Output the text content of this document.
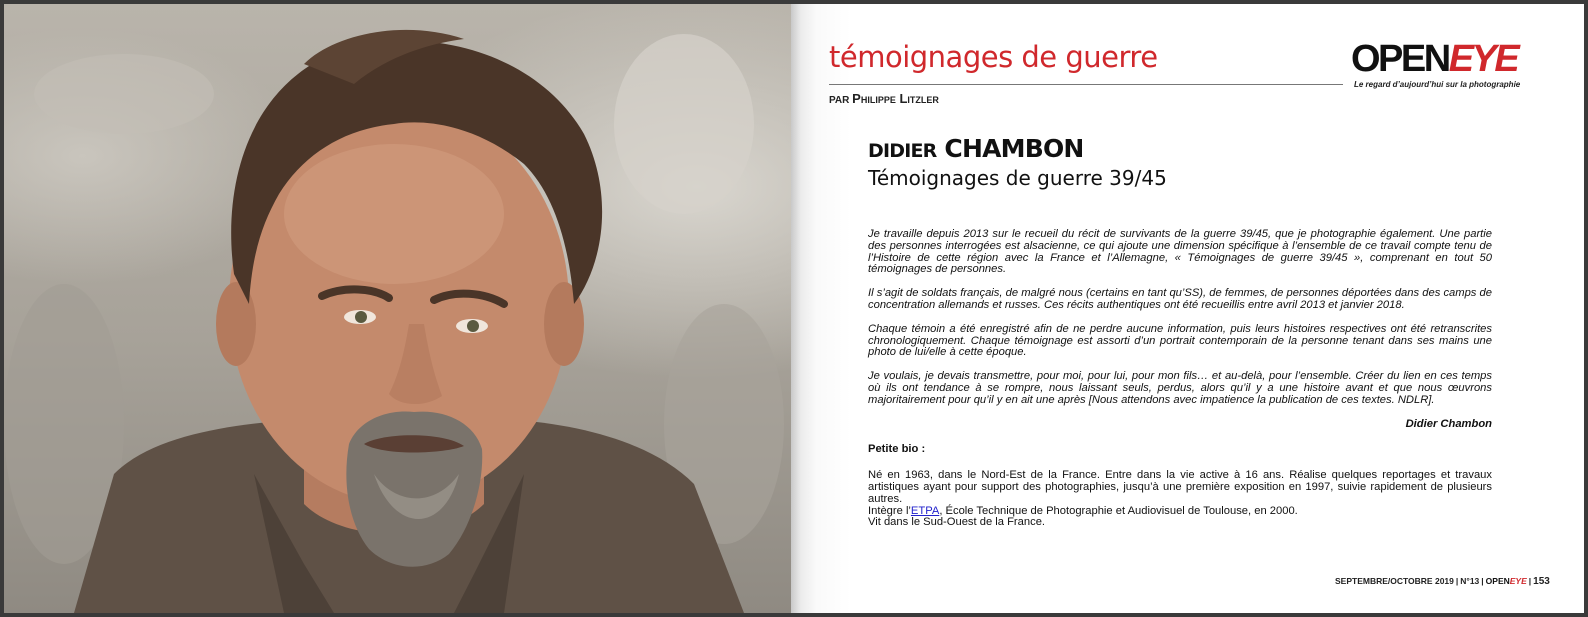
témoignages de guerre
PAR Philippe Litzler
OPENEYE
Le regard d’aujourd’hui sur la photographie
DIDIER CHAMBON
Témoignages de guerre 39/45

Je travaille depuis 2013 sur le recueil du récit de survivants de la guerre 39/45, que je photographie également. Une partie des personnes interrogées est alsacienne, ce qui ajoute une dimension spécifique à l’ensemble de ce travail compte tenu de l’Histoire de cette région avec la France et l’Allemagne, « Témoignages de guerre 39/45 », comprenant en tout 50 témoignages de personnes.

Il s’agit de soldats français, de malgré nous (certains en tant qu’SS), de femmes, de personnes déportées dans des camps de concentration allemands et russes. Ces récits authentiques ont été recueillis entre avril 2013 et janvier 2018.

Chaque témoin a été enregistré afin de ne perdre aucune information, puis leurs histoires respectives ont été retranscrites chronologiquement. Chaque témoignage est assorti d’un portrait contemporain de la personne tenant dans ses mains une photo de lui/elle à cette époque.

Je voulais, je devais transmettre, pour moi, pour lui, pour mon fils… et au-delà, pour l’ensemble. Créer du lien en ces temps où ils ont tendance à se rompre, nous laissant seuls, perdus, alors qu’il y a une histoire avant et que nous œuvrons majoritairement pour qu’il y en ait une après [Nous attendons avec impatience la publication de ces textes. NDLR].

Didier Chambon

Petite bio :

Né en 1963, dans le Nord-Est de la France. Entre dans la vie active à 16 ans. Réalise quelques reportages et travaux artistiques ayant pour support des photographies, jusqu’à une première exposition en 1997, suivie rapidement de plusieurs autres.

Intègre l’ETPA, École Technique de Photographie et Audiovisuel de Toulouse, en 2000.

Vit dans le Sud-Ouest de la France.

SEPTEMBRE/OCTOBRE 2019 | N°13 | OPENEYE | 153
